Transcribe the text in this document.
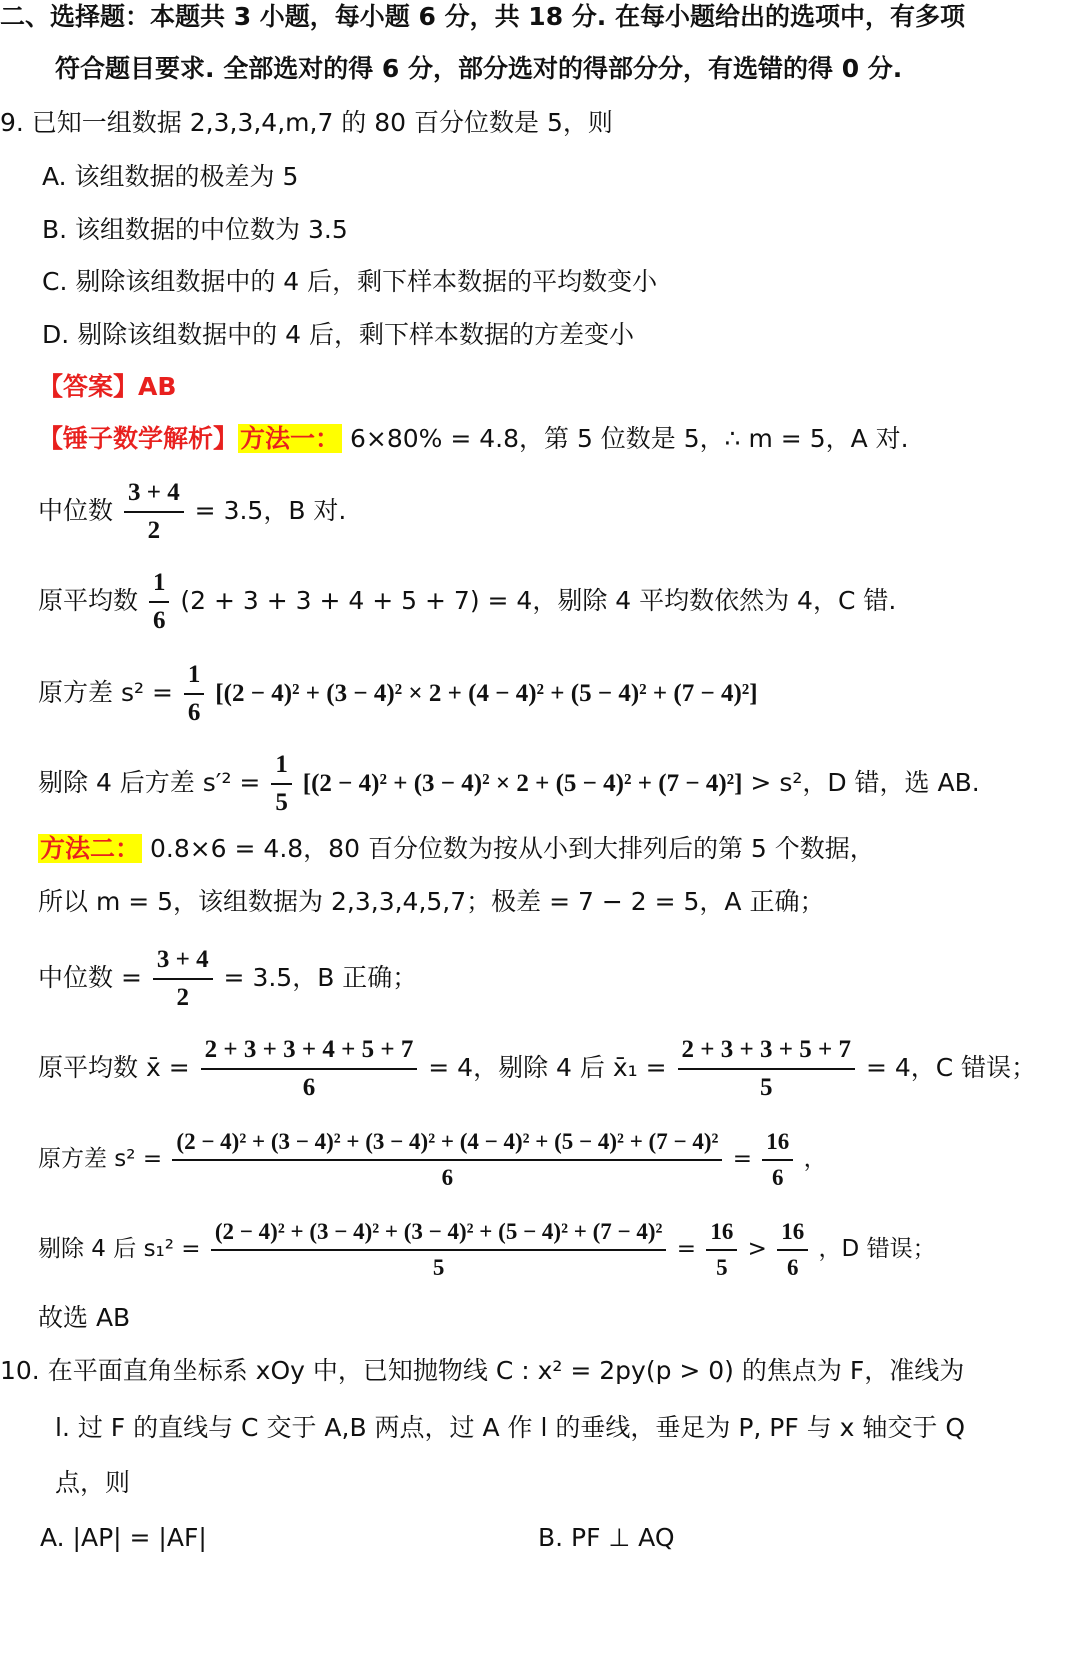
二、选择题：本题共 3 小题，每小题 6 分，共 18 分. 在每小题给出的选项中，有多项
符合题目要求. 全部选对的得 6 分，部分选对的得部分分，有选错的得 0 分.
9. 已知一组数据 2,3,3,4,m,7 的 80 百分位数是 5，则
A. 该组数据的极差为 5
B. 该组数据的中位数为 3.5
C. 剔除该组数据中的 4 后，剩下样本数据的平均数变小
D. 剔除该组数据中的 4 后，剩下样本数据的方差变小
【答案】AB
【锤子数学解析】方法一： 6×80% = 4.8，第 5 位数是 5，∴ m = 5，A 对.
中位数 $\frac{3 + 4}{2} = 3.5$，B 对.
原平均数 $\frac{1}{6} (2 + 3 + 3 + 4 + 5 + 7) = 4$，剔除 4 平均数依然为 4，C 错.
原方差 $s^2 = \frac{1}{6} [(2 - 4)^2 + (3 - 4)^2 \times 2 + (4 - 4)^2 + (5 - 4)^2 + (7 - 4)^2]$
剔除 4 后方差 $s'^2 = \frac{1}{5} [(2 - 4)^2 + (3 - 4)^2 \times 2 + (5 - 4)^2 + (7 - 4)^2] > s^2$，D 错，选 AB.
方法二： 0.8×6 = 4.8，80 百分位数为按从小到大排列后的第 5 个数据，
所以 m = 5，该组数据为 2,3,3,4,5,7；极差 = 7 − 2 = 5，A 正确；
中位数 = $\frac{3 + 4}{2} = 3.5$，B 正确；
原平均数 x̄ = $\frac{2 + 3 + 3 + 4 + 5 + 7}{6} = 4$，剔除 4 后 x̄₁ = $\frac{2 + 3 + 3 + 5 + 7}{5} = 4$，C 错误；
原方差 s² =
(2 − 4)² + (3 − 4)² + (3 − 4)² + (4 − 4)² + (5 − 4)² + (7 − 4)²
6
= $\frac{16}{6}$ ，
剔除 4 后 $s_1^2 = \frac{\text{(2 − 4)² + (3 − 4)² + (3 − 4)² + (5 − 4)² + (7 − 4)²}}{5} = \frac{16}{5} > \frac{16}{6}$ ，D 错误；
故选 AB
10. 在平面直角坐标系 xOy 中，已知抛物线 C : x² = 2py(p > 0) 的焦点为 F，准线为
l. 过 F 的直线与 C 交于 A,B 两点，过 A 作 l 的垂线，垂足为 P, PF 与 x 轴交于 Q
点，则
A. |AP| = |AF|	B. PF ⊥ AQ
